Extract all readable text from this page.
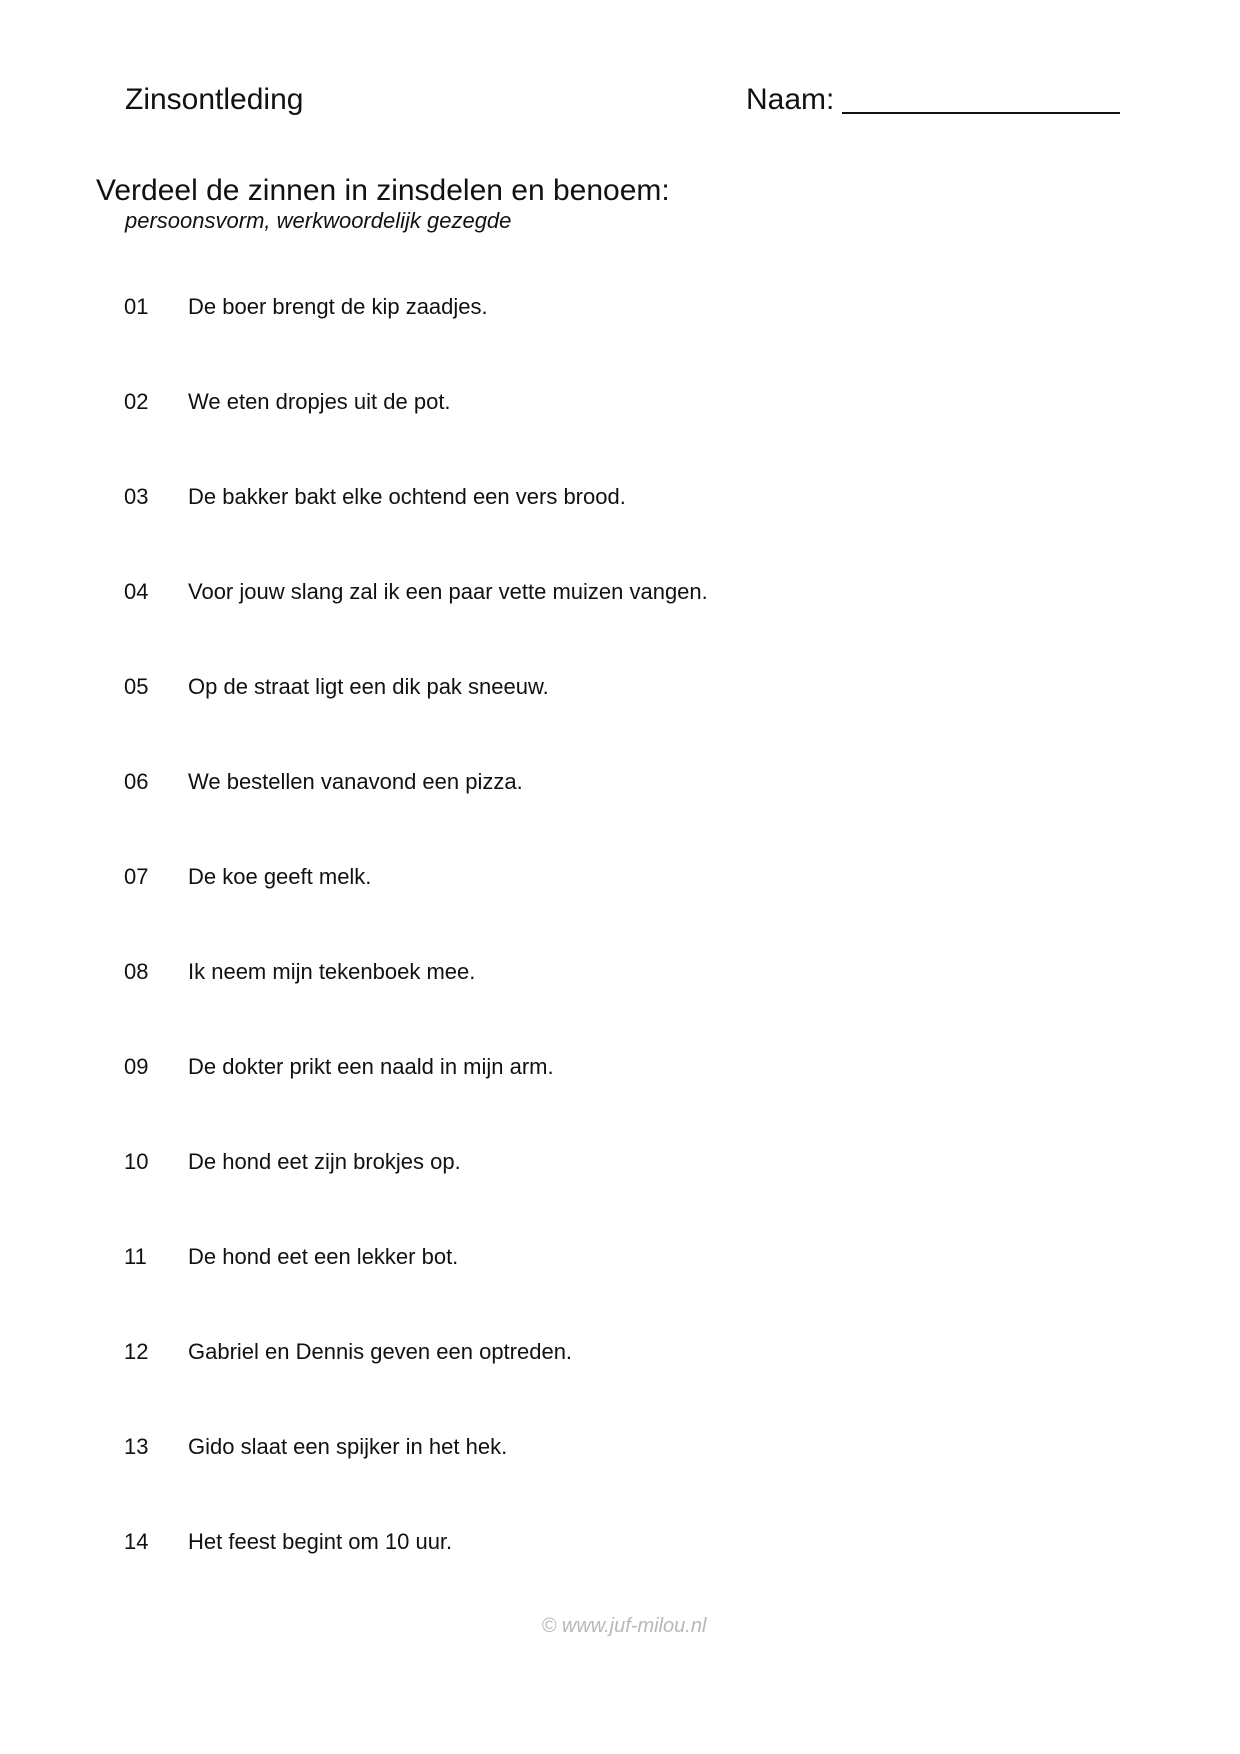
Zinsontleding	Naam:
Verdeel de zinnen in zinsdelen en benoem:
persoonsvorm, werkwoordelijk gezegde
01 De boer brengt de kip zaadjes.
02 We eten dropjes uit de pot.
03 De bakker bakt elke ochtend een vers brood.
04 Voor jouw slang zal ik een paar vette muizen vangen.
05 Op de straat ligt een dik pak sneeuw.
06 We bestellen vanavond een pizza.
07 De koe geeft melk.
08 Ik neem mijn tekenboek mee.
09 De dokter prikt een naald in mijn arm.
10 De hond eet zijn brokjes op.
11 De hond eet een lekker bot.
12 Gabriel en Dennis geven een optreden.
13 Gido slaat een spijker in het hek.
14 Het feest begint om 10 uur.
© www.juf-milou.nl
